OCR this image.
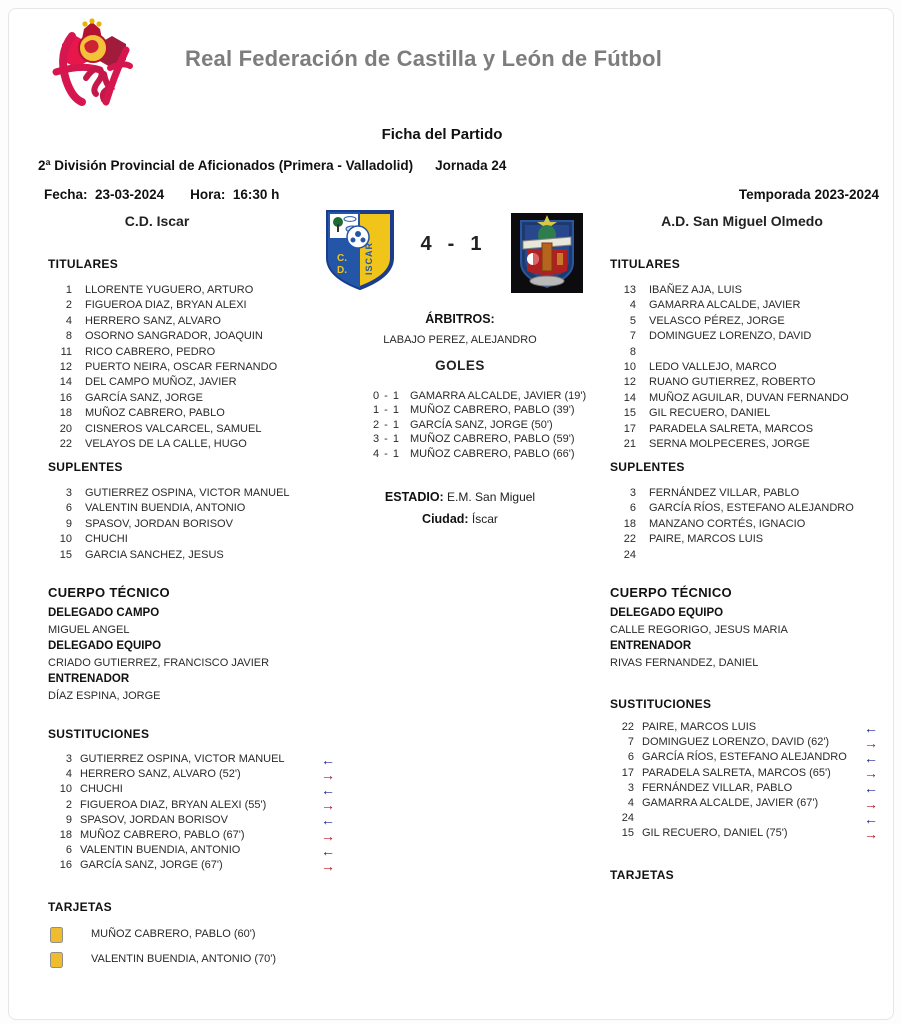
Real Federación de Castilla y León de Fútbol
Ficha del Partido
2ª División Provincial de Aficionados (Primera - Valladolid) Jornada 24
Fecha: 23-03-2024 Hora: 16:30 h	Temporada 2023-2024
C.D. Iscar	A.D. San Miguel Olmedo
C.
D. ISCAR	4 - 1
ÁRBITROS:
LABAJO PEREZ, ALEJANDRO
GOLES
0 - 1 GAMARRA ALCALDE, JAVIER (19')
1 - 1 MUÑOZ CABRERO, PABLO (39')
2 - 1 GARCÍA SANZ, JORGE (50')
3 - 1 MUÑOZ CABRERO, PABLO (59')
4 - 1 MUÑOZ CABRERO, PABLO (66')
ESTADIO: E.M. San Miguel
Ciudad: Íscar
TITULARES
1 LLORENTE YUGUERO, ARTURO
2 FIGUEROA DIAZ, BRYAN ALEXI
4 HERRERO SANZ, ALVARO
8 OSORNO SANGRADOR, JOAQUIN
11 RICO CABRERO, PEDRO
12 PUERTO NEIRA, OSCAR FERNANDO
14 DEL CAMPO MUÑOZ, JAVIER
16 GARCÍA SANZ, JORGE
18 MUÑOZ CABRERO, PABLO
20 CISNEROS VALCARCEL, SAMUEL
22 VELAYOS DE LA CALLE, HUGO
SUPLENTES
3 GUTIERREZ OSPINA, VICTOR MANUEL
6 VALENTIN BUENDIA, ANTONIO
9 SPASOV, JORDAN BORISOV
10 CHUCHI
15 GARCIA SANCHEZ, JESUS
CUERPO TÉCNICO
DELEGADO CAMPO
MIGUEL ANGEL
DELEGADO EQUIPO
CRIADO GUTIERREZ, FRANCISCO JAVIER
ENTRENADOR
DÍAZ ESPINA, JORGE
SUSTITUCIONES
3 GUTIERREZ OSPINA, VICTOR MANUEL	←
4 HERRERO SANZ, ALVARO (52')	→
10 CHUCHI	←
2 FIGUEROA DIAZ, BRYAN ALEXI (55')	→
9 SPASOV, JORDAN BORISOV	←
18 MUÑOZ CABRERO, PABLO (67')	→
6 VALENTIN BUENDIA, ANTONIO	←
16 GARCÍA SANZ, JORGE (67')	→
TARJETAS
MUÑOZ CABRERO, PABLO (60')
VALENTIN BUENDIA, ANTONIO (70')
TITULARES
13 IBAÑEZ AJA, LUIS
4 GAMARRA ALCALDE, JAVIER
5 VELASCO PÉREZ, JORGE
7 DOMINGUEZ LORENZO, DAVID
8
10 LEDO VALLEJO, MARCO
12 RUANO GUTIERREZ, ROBERTO
14 MUÑOZ AGUILAR, DUVAN FERNANDO
15 GIL RECUERO, DANIEL
17 PARADELA SALRETA, MARCOS
21 SERNA MOLPECERES, JORGE
SUPLENTES
3 FERNÁNDEZ VILLAR, PABLO
6 GARCÍA RÍOS, ESTEFANO ALEJANDRO
18 MANZANO CORTÉS, IGNACIO
22 PAIRE, MARCOS LUIS
24
CUERPO TÉCNICO
DELEGADO EQUIPO
CALLE REGORIGO, JESUS MARIA
ENTRENADOR
RIVAS FERNANDEZ, DANIEL
SUSTITUCIONES
22 PAIRE, MARCOS LUIS	←
7 DOMINGUEZ LORENZO, DAVID (62')	→
6 GARCÍA RÍOS, ESTEFANO ALEJANDRO	←
17 PARADELA SALRETA, MARCOS (65')	→
3 FERNÁNDEZ VILLAR, PABLO	←
4 GAMARRA ALCALDE, JAVIER (67')	→
24	←
15 GIL RECUERO, DANIEL (75')	→
TARJETAS
